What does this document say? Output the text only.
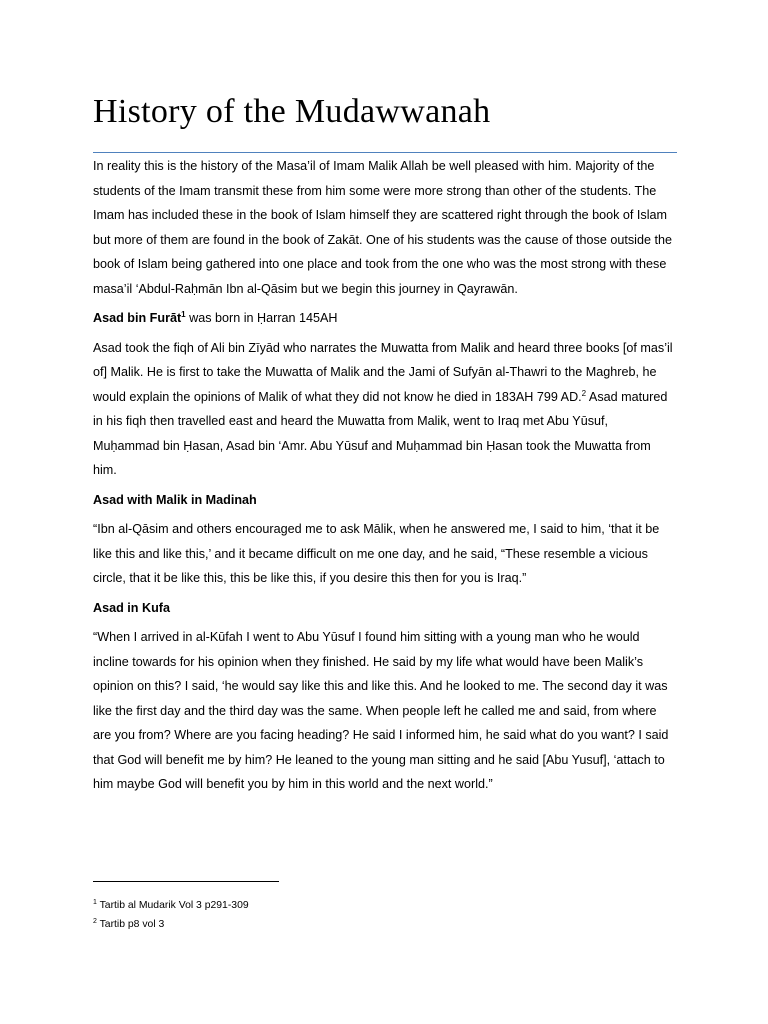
History of the Mudawwanah

In reality this is the history of the Masa’il of Imam Malik Allah be well pleased with him. Majority of the students of the Imam transmit these from him some were more strong than other of the students. The Imam has included these in the book of Islam himself they are scattered right through the book of Islam but more of them are found in the book of Zakāt. One of his students was the cause of those outside the book of Islam being gathered into one place and took from the one who was the most strong with these masa’il ‘Abdul-Raḥmān Ibn al-Qāsim but we begin this journey in Qayrawān.

Asad bin Furāt$^1$ was born in Ḥarran 145AH

Asad took the fiqh of Ali bin Zīyād who narrates the Muwatta from Malik and heard three books [of mas’il of] Malik. He is first to take the Muwatta of Malik and the Jami of Sufyān al-Thawri to the Maghreb, he would explain the opinions of Malik of what they did not know he died in 183AH 799 AD.$^2$ Asad matured in his fiqh then travelled east and heard the Muwatta from Malik, went to Iraq met Abu Yūsuf, Muḥammad bin Ḥasan, Asad bin ‘Amr. Abu Yūsuf and Muḥammad bin Ḥasan took the Muwatta from him.

Asad with Malik in Madinah

“Ibn al-Qāsim and others encouraged me to ask Mālik, when he answered me, I said to him, ‘that it be like this and like this,’ and it became difficult on me one day, and he said, “These resemble a vicious circle, that it be like this, this be like this, if you desire this then for you is Iraq.”

Asad in Kufa

“When I arrived in al-Kūfah I went to Abu Yūsuf I found him sitting with a young man who he would incline towards for his opinion when they finished. He said by my life what would have been Malik’s opinion on this? I said, ‘he would say like this and like this. And he looked to me. The second day it was like the first day and the third day was the same. When people left he called me and said, from where are you from? Where are you facing heading? He said I informed him, he said what do you want? I said that God will benefit me by him? He leaned to the young man sitting and he said [Abu Yusuf], ‘attach to him maybe God will benefit you by him in this world and the next world.”

$^1$ Tartib al Mudarik Vol 3 p291-309

$^2$ Tartib p8 vol 3
